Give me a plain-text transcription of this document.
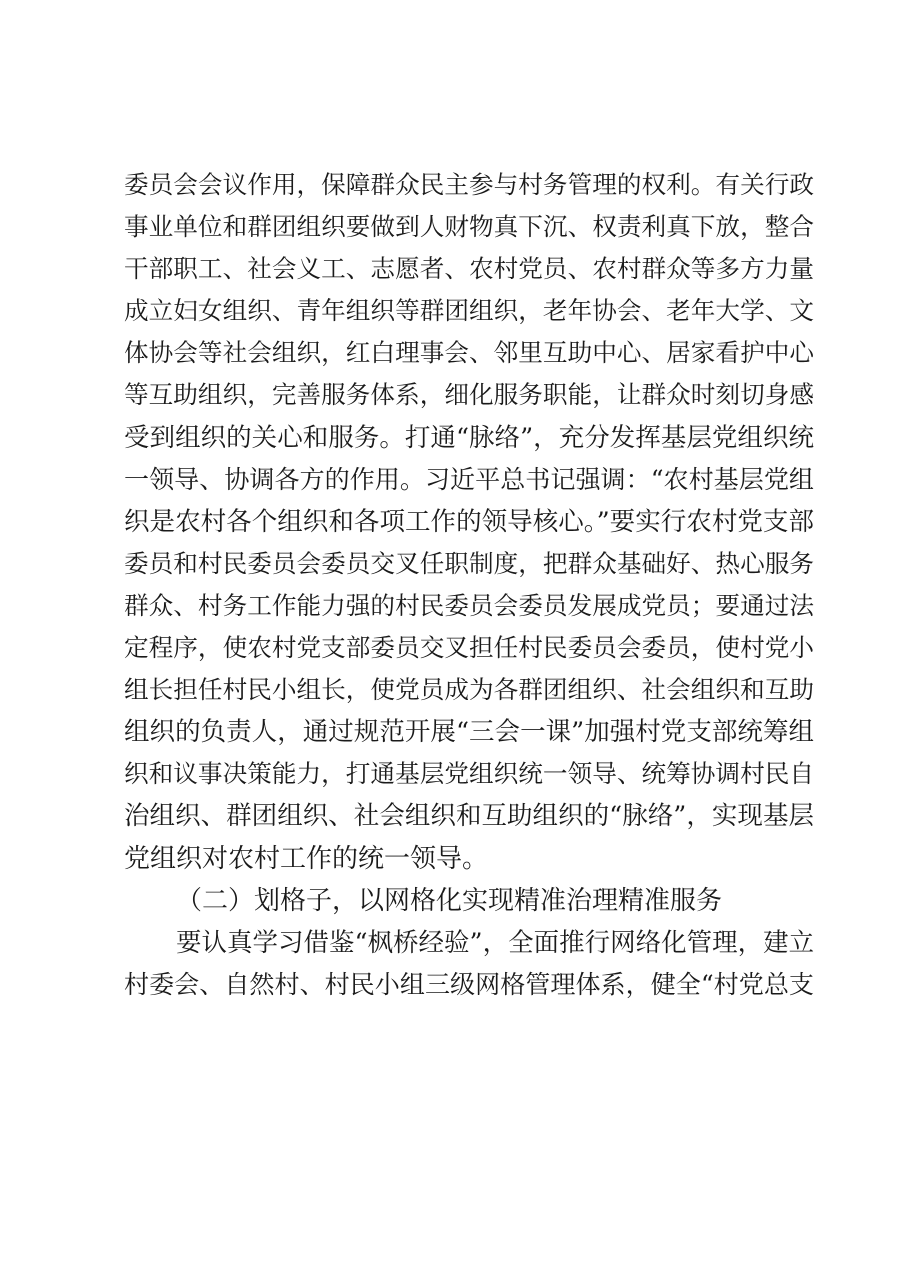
委员会会议作用，保障群众民主参与村务管理的权利。有关行政
事业单位和群团组织要做到人财物真下沉、权责利真下放，整合
干部职工、社会义工、志愿者、农村党员、农村群众等多方力量
成立妇女组织、青年组织等群团组织，老年协会、老年大学、文
体协会等社会组织，红白理事会、邻里互助中心、居家看护中心
等互助组织，完善服务体系，细化服务职能，让群众时刻切身感
受到组织的关心和服务。打通“脉络”，充分发挥基层党组织统
一领导、协调各方的作用。习近平总书记强调：“农村基层党组
织是农村各个组织和各项工作的领导核心。”要实行农村党支部
委员和村民委员会委员交叉任职制度，把群众基础好、热心服务
群众、村务工作能力强的村民委员会委员发展成党员；要通过法
定程序，使农村党支部委员交叉担任村民委员会委员，使村党小
组长担任村民小组长，使党员成为各群团组织、社会组织和互助
组织的负责人，通过规范开展“三会一课”加强村党支部统筹组
织和议事决策能力，打通基层党组织统一领导、统筹协调村民自
治组织、群团组织、社会组织和互助组织的“脉络”，实现基层
党组织对农村工作的统一领导。
（二）划格子，以网格化实现精准治理精准服务
要认真学习借鉴“枫桥经验”，全面推行网络化管理，建立
村委会、自然村、村民小组三级网格管理体系，健全“村党总支
